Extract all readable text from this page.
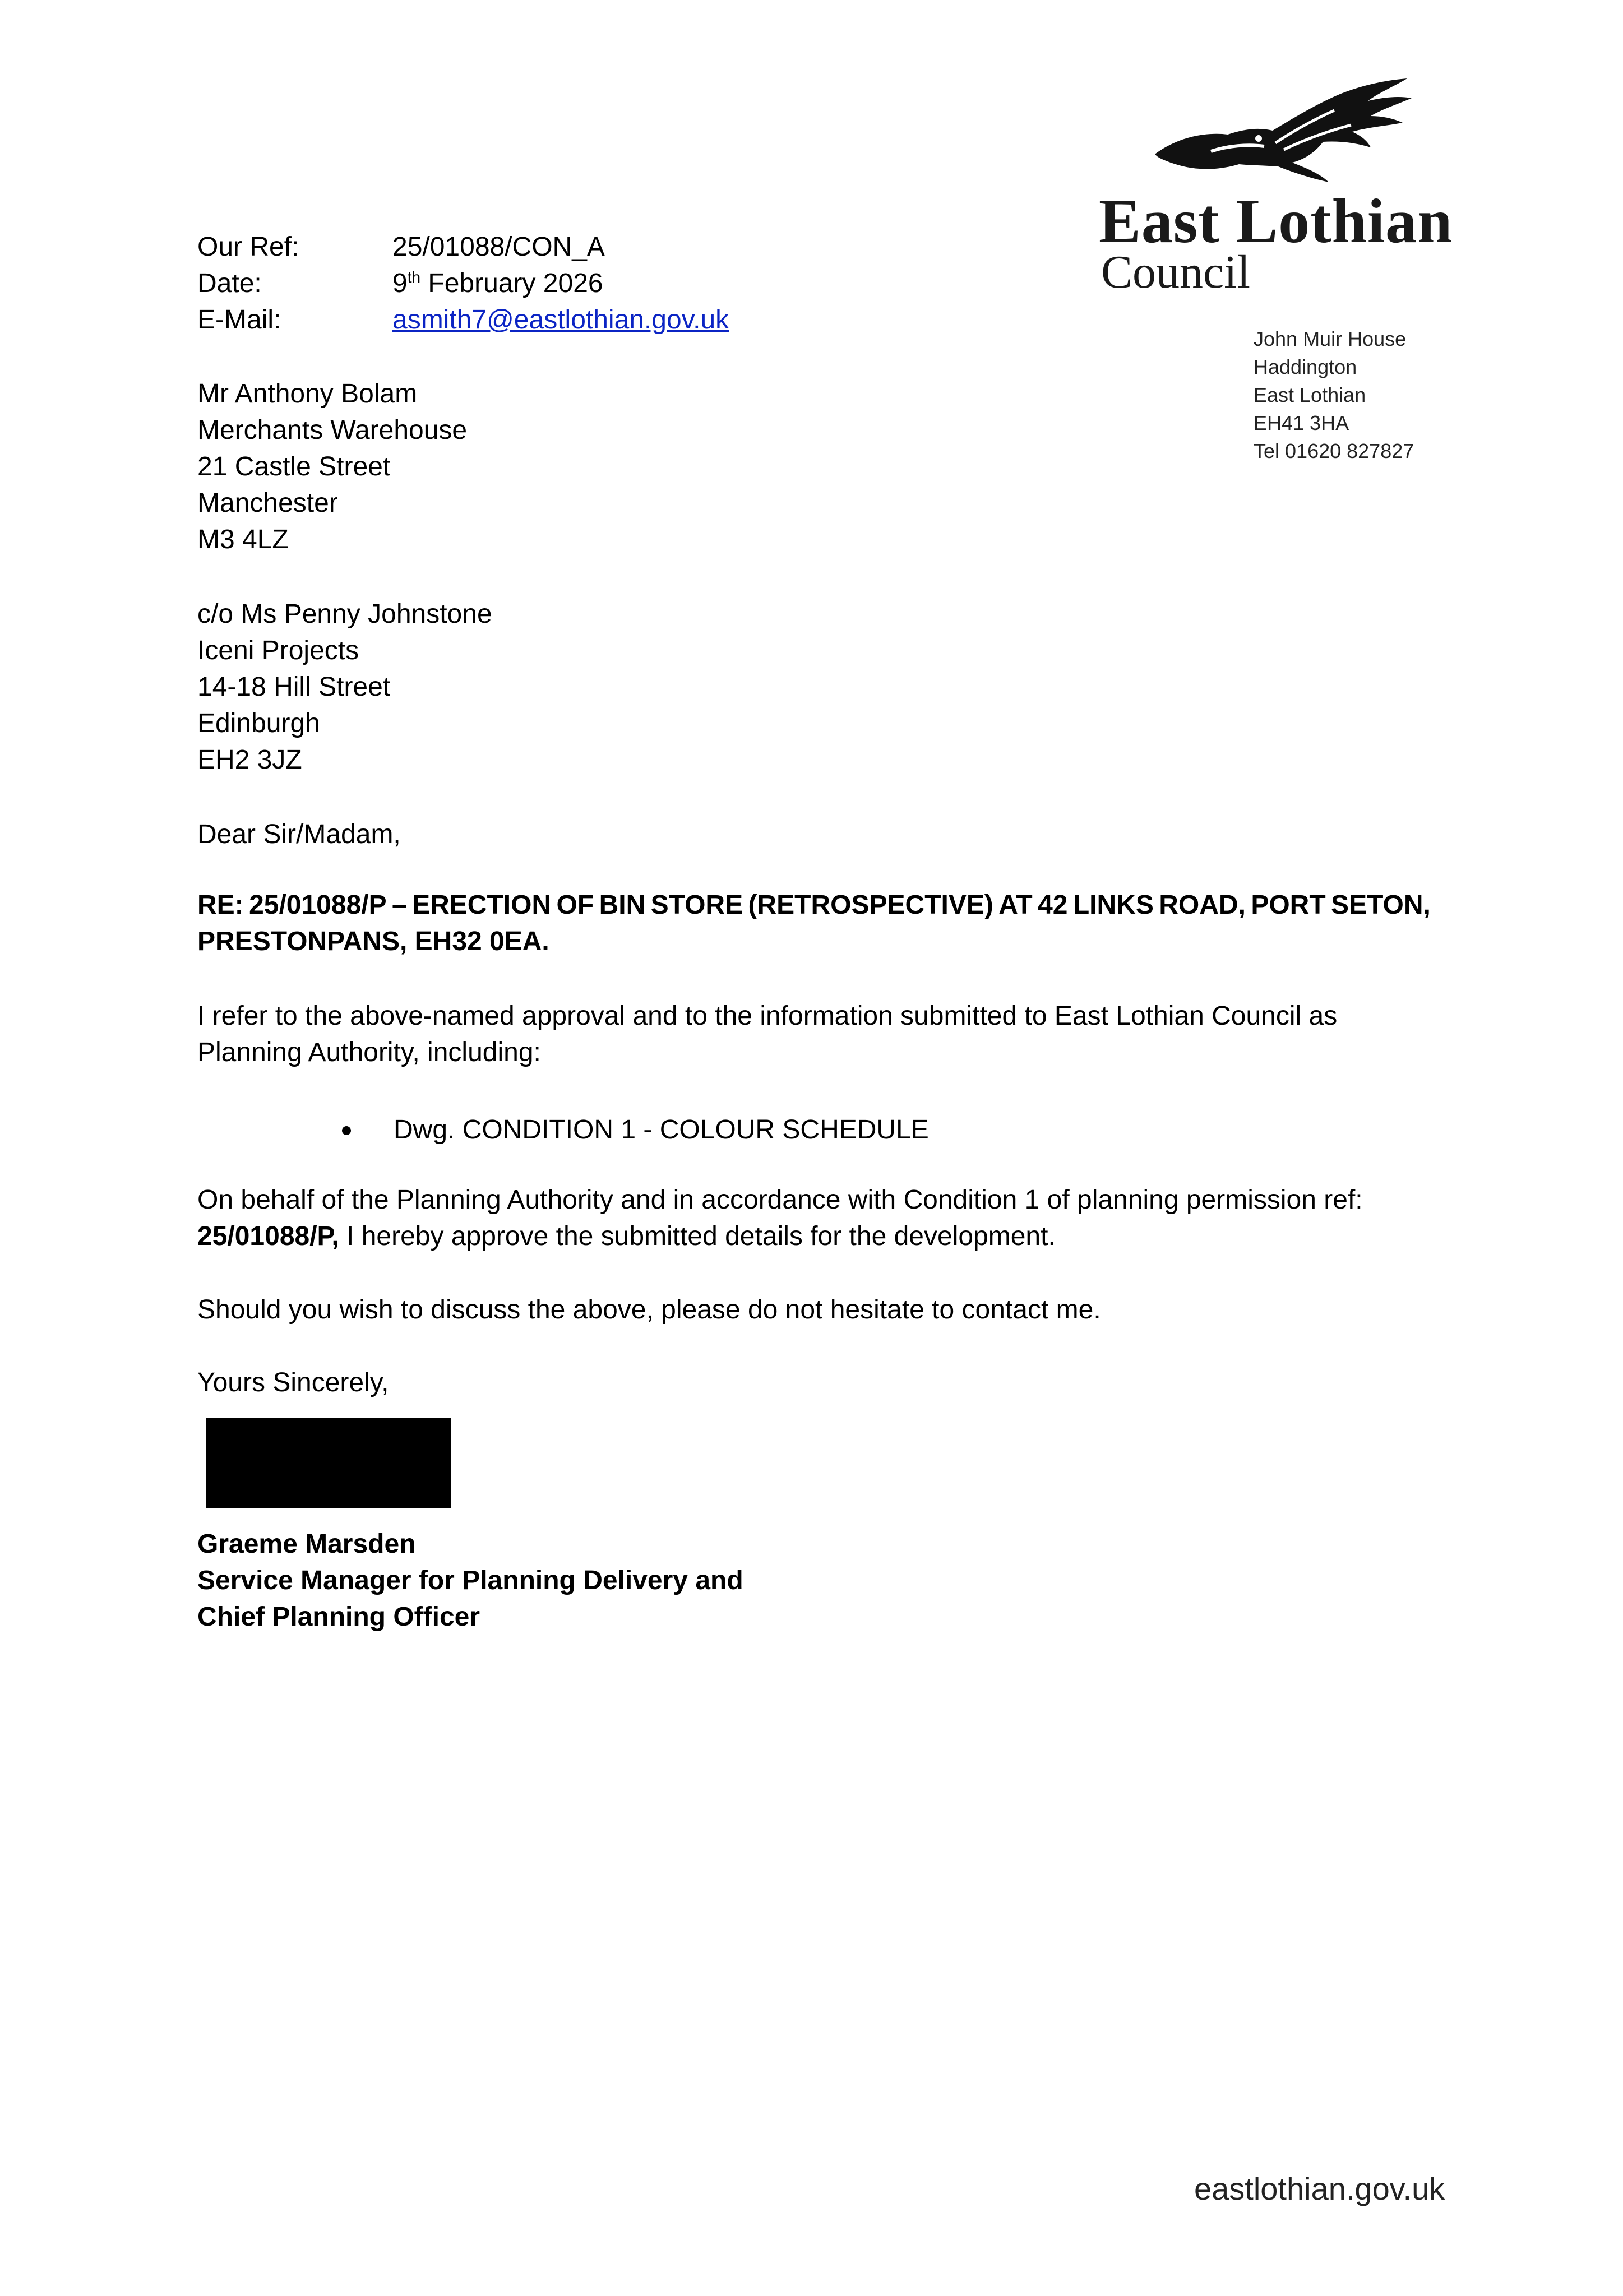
East Lothian
Council
John Muir House
Haddington
East Lothian
EH41 3HA
Tel 01620 827827
Our Ref:	25/01088/CON_A
Date:	9th February 2026
E-Mail:	asmith7@eastlothian.gov.uk
Mr Anthony Bolam
Merchants Warehouse
21 Castle Street
Manchester
M3 4LZ
c/o Ms Penny Johnstone
Iceni Projects
14-18 Hill Street
Edinburgh
EH2 3JZ
Dear Sir/Madam,
RE: 25/01088/P – ERECTION OF BIN STORE (RETROSPECTIVE) AT 42 LINKS ROAD, PORT SETON,
PRESTONPANS, EH32 0EA.
I refer to the above-named approval and to the information submitted to East Lothian Council as
Planning Authority, including:
Dwg. CONDITION 1 - COLOUR SCHEDULE
On behalf of the Planning Authority and in accordance with Condition 1 of planning permission ref:
25/01088/P, I hereby approve the submitted details for the development.
Should you wish to discuss the above, please do not hesitate to contact me.
Yours Sincerely,
Graeme Marsden
Service Manager for Planning Delivery and
Chief Planning Officer
eastlothian.gov.uk
